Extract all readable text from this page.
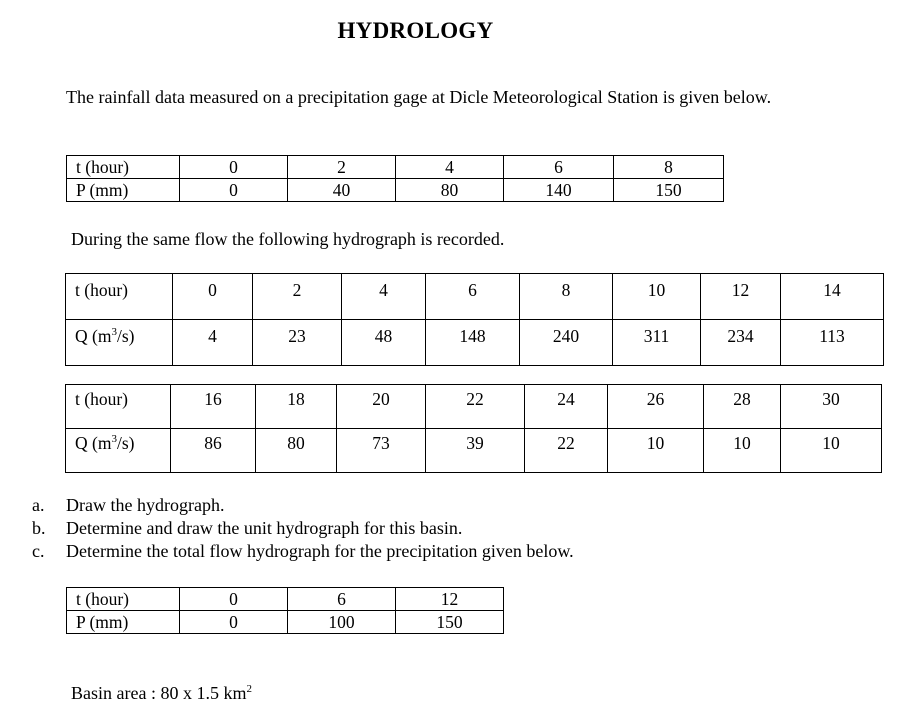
HYDROLOGY
The rainfall data measured on a precipitation gage at Dicle Meteorological Station is given below.
t (hour)	0	2	4	6	8
P (mm)	0	40	80	140	150
During the same flow the following hydrograph is recorded.
t (hour)	0	2	4	6	8	10	12	14
Q $(m^3/s)$	4	23	48	148	240	311	234	113
t (hour)	16	18	20	22	24	26	28	30
Q $(m^3/s)$	86	80	73	39	22	10	10	10
a.	Draw the hydrograph.
b.	Determine and draw the unit hydrograph for this basin.
c.	Determine the total flow hydrograph for the precipitation given below.
t (hour)	0	6	12
P (mm)	0	100	150
Basin area : 80 x 1.5 $km^2$
